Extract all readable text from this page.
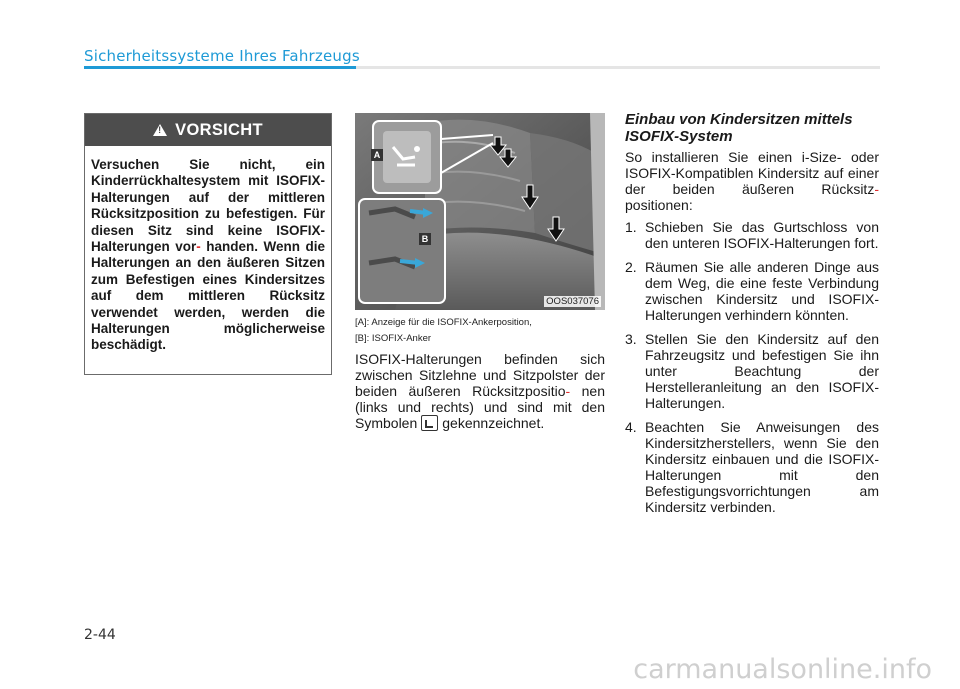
Sicherheitssysteme Ihres Fahrzeugs
!
VORSICHT
Versuchen Sie nicht, ein Kinderrückhaltesystem mit ISOFIX-Halterungen auf der mittleren Rücksitzposition zu befestigen. Für diesen Sitz sind keine ISOFIX-Halterungen vor- handen. Wenn die Halterungen an den äußeren Sitzen zum Befestigen eines Kindersitzes auf dem mittleren Rücksitz verwendet werden, werden die Halterungen möglicherweise beschädigt.
A
B
OOS037076
[A]: Anzeige für die ISOFIX-Ankerposition,
[B]: ISOFIX-Anker
ISOFIX-Halterungen befinden sich zwischen Sitzlehne und Sitzpolster der beiden äußeren Rücksitzpositio- nen (links und rechts) und sind mit den Symbolen gekennzeichnet.
Einbau von Kindersitzen mittels ISOFIX-System
So installieren Sie einen i-Size- oder ISOFIX-Kompatiblen Kindersitz auf einer der beiden äußeren Rücksitz- positionen:
1. Schieben Sie das Gurtschloss von den unteren ISOFIX-Halterungen fort.
2. Räumen Sie alle anderen Dinge aus dem Weg, die eine feste Verbindung zwischen Kindersitz und ISOFIX-Halterungen verhindern könnten.
3. Stellen Sie den Kindersitz auf den Fahrzeugsitz und befestigen Sie ihn unter Beachtung der Herstelleranleitung an den ISOFIX-Halterungen.
4. Beachten Sie Anweisungen des Kindersitzherstellers, wenn Sie den Kindersitz einbauen und die ISOFIX-Halterungen mit den Befestigungsvorrichtungen am Kindersitz verbinden.
2-44
carmanualsonline.info
